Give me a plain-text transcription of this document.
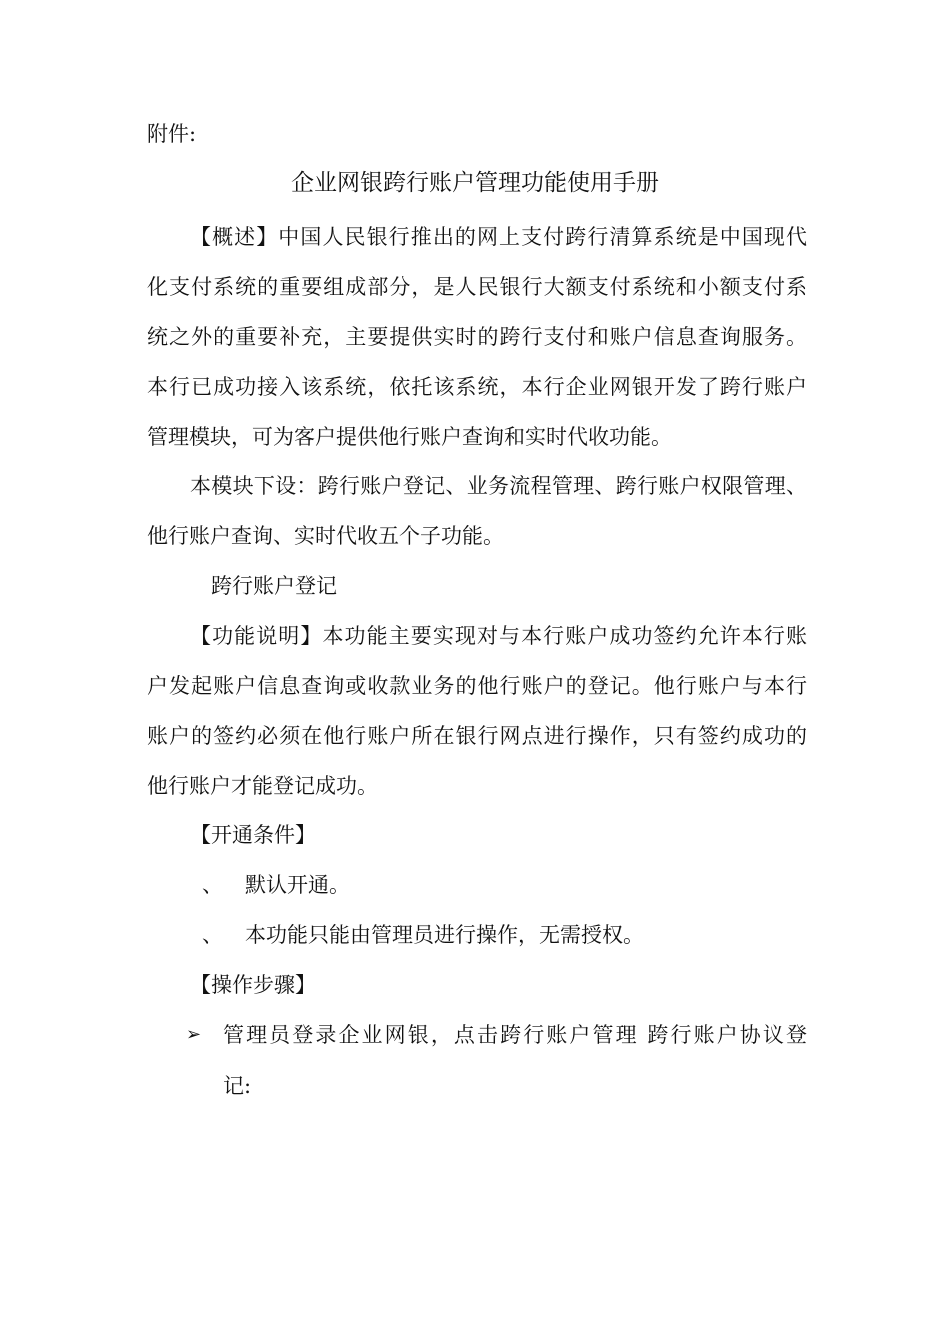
附件:
企业网银跨行账户管理功能使用手册
【概述】中国人民银行推出的网上支付跨行清算系统是中国现代
化支付系统的重要组成部分，是人民银行大额支付系统和小额支付系
统之外的重要补充，主要提供实时的跨行支付和账户信息查询服务。
本行已成功接入该系统，依托该系统，本行企业网银开发了跨行账户
管理模块，可为客户提供他行账户查询和实时代收功能。
本模块下设：跨行账户登记、业务流程管理、跨行账户权限管理、
他行账户查询、实时代收五个子功能。
跨行账户登记
【功能说明】本功能主要实现对与本行账户成功签约允许本行账
户发起账户信息查询或收款业务的他行账户的登记。他行账户与本行
账户的签约必须在他行账户所在银行网点进行操作，只有签约成功的
他行账户才能登记成功。
【开通条件】
、 默认开通。
、 本功能只能由管理员进行操作，无需授权。
【操作步骤】
➢ 管理员登录企业网银，点击跨行账户管理 跨行账户协议登
记:
